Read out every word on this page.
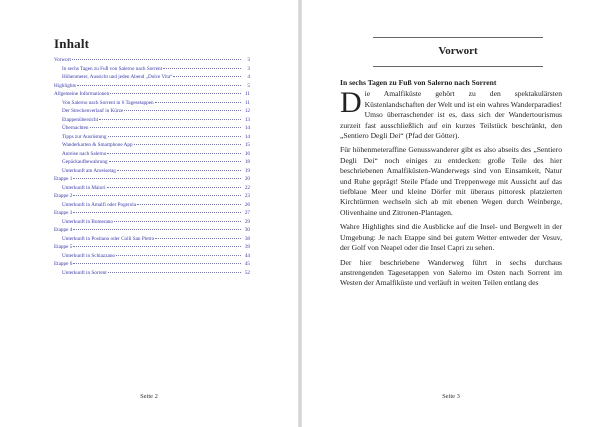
Inhalt
Vorwort	3
In sechs Tagen zu Fuß von Salerno nach Sorrent	3
Höhenmeter, Aussicht und jeden Abend „Dolce Vita“	4
Highlights	5
Allgemeine Informationen	11
Von Salerno nach Sorrent in 6 Tagesetappen	11
Der Streckenverlauf in Kürze	12
Etappenübersicht	13
Übernachten	14
Tipps zur Ausrüstung	14
Wanderkarten & Smartphone App	15
Anreise nach Salerno	16
Gepäckaufbewahrung	18
Unterkunft am Anreisetag	19
Etappe 1	20
Unterkunft in Maiori	22
Etappe 2	23
Unterkunft in Amalfi oder Pogerola	26
Etappe 3	27
Unterkunft in Bomerano	29
Etappe 4	30
Unterkunft in Positano oder Colli San Pietro	38
Etappe 5	39
Unterkunft in Schiazzano	44
Etappe 6	45
Unterkunft in Sorrent	52
Seite 2
Vorwort
In sechs Tagen zu Fuß von Salerno nach Sorrent

Die Amalfiküste gehört zu den spektakulärsten Küstenlandschaften der Welt und ist ein wahres Wanderparadies! Umso überraschender ist es, dass sich der Wandertourismus zurzeit fast ausschließlich auf ein kurzes Teilstück beschränkt, den „Sentiero Degli Dei“ (Pfad der Götter).

Für höhenmeteraffine Genusswanderer gibt es also abseits des „Sentiero Degli Dei“ noch einiges zu entdecken: große Teile des hier beschriebenen Amalfiküsten-Wanderwegs sind von Einsamkeit, Natur und Ruhe geprägt! Steile Pfade und Treppenwege mit Aussicht auf das tiefblaue Meer und kleine Dörfer mit überaus pittoresk platzierten Kirchtürmen wechseln sich ab mit ebenen Wegen durch Weinberge, Olivenhaine und Zitronen-Plantagen.

Wahre Highlights sind die Ausblicke auf die Insel- und Bergwelt in der Umgebung: Je nach Etappe sind bei gutem Wetter entweder der Vesuv, der Golf von Neapel oder die Insel Capri zu sehen.

Der hier beschriebene Wanderweg führt in sechs durchaus anstrengenden Tagesetappen von Salerno im Osten nach Sorrent im Westen der Amalfiküste und verläuft in weiten Teilen entlang des

Seite 3
